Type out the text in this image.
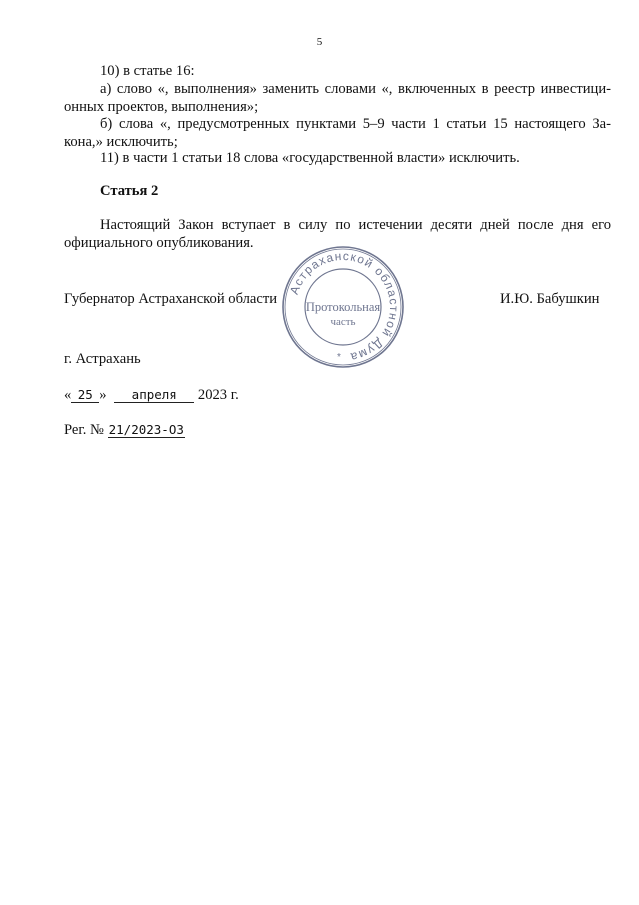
5
10) в статье 16:
а) слово «, выполнения» заменить словами «, включенных в реестр инвестици-
онных проектов, выполнения»;
б) слова «, предусмотренных пунктами 5–9 части 1 статьи 15 настоящего За-
кона,» исключить;
11) в части 1 статьи 18 слова «государственной власти» исключить.
Статья 2
Настоящий Закон вступает в силу по истечении десяти дней после дня его
официального опубликования.
Губернатор Астраханской области	И.Ю. Бабушкин
Астраханской областной Дума
Протокольная
часть
*
г. Астрахань
« 25 » апреля 2023 г.
Рег. № 21/2023-ОЗ
